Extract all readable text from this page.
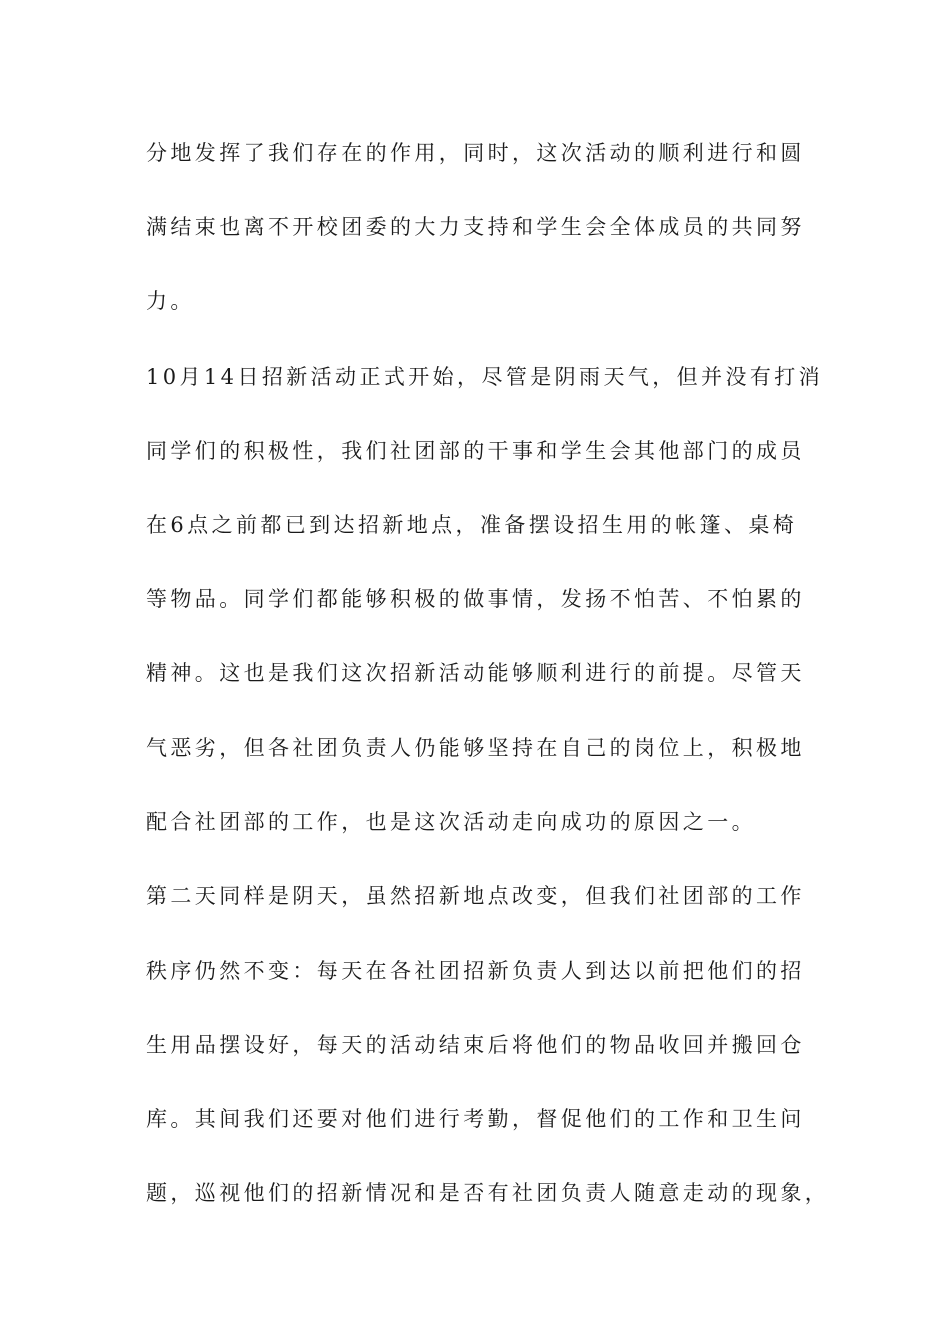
分地发挥了我们存在的作用，同时，这次活动的顺利进行和圆
满结束也离不开校团委的大力支持和学生会全体成员的共同努
力。
10月14日招新活动正式开始，尽管是阴雨天气，但并没有打消
同学们的积极性，我们社团部的干事和学生会其他部门的成员
在6点之前都已到达招新地点，准备摆设招生用的帐篷、桌椅
等物品。同学们都能够积极的做事情，发扬不怕苦、不怕累的
精神。这也是我们这次招新活动能够顺利进行的前提。尽管天
气恶劣，但各社团负责人仍能够坚持在自己的岗位上，积极地
配合社团部的工作，也是这次活动走向成功的原因之一。
第二天同样是阴天，虽然招新地点改变，但我们社团部的工作
秩序仍然不变：每天在各社团招新负责人到达以前把他们的招
生用品摆设好，每天的活动结束后将他们的物品收回并搬回仓
库。其间我们还要对他们进行考勤，督促他们的工作和卫生问
题，巡视他们的招新情况和是否有社团负责人随意走动的现象，
